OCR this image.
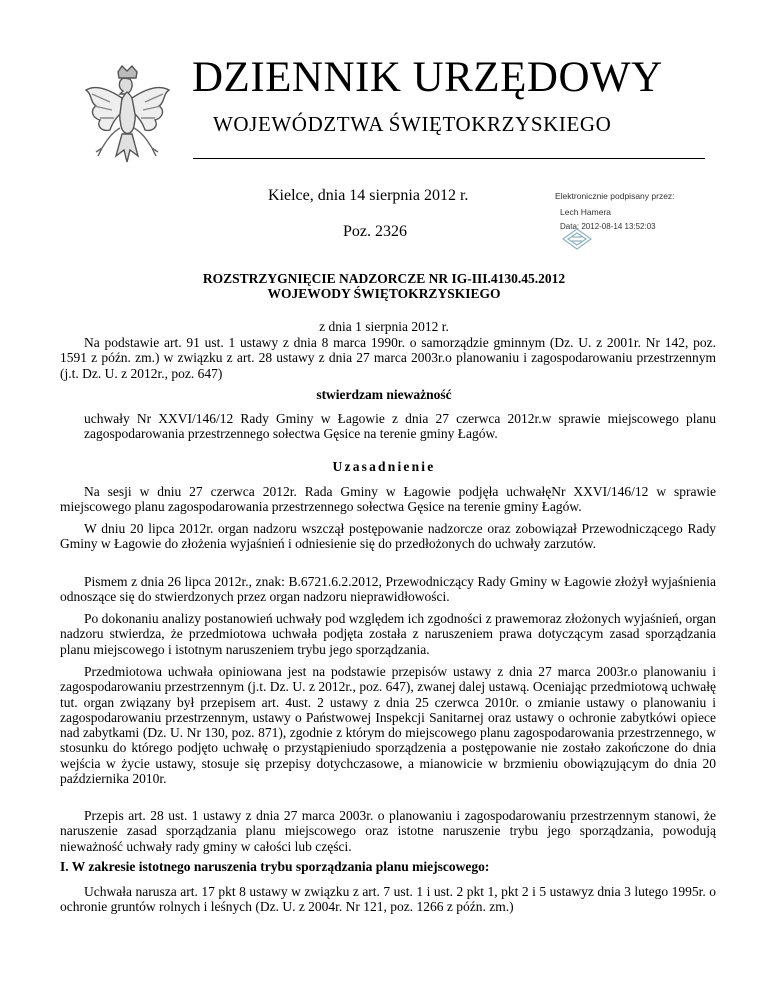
DZIENNIK URZĘDOWY
WOJEWÓDZTWA ŚWIĘTOKRZYSKIEGO
Kielce, dnia 14 sierpnia 2012 r.
Poz. 2326
Elektronicznie podpisany przez:
Lech Hamera
Data: 2012-08-14 13:52:03
ROZSTRZYGNIĘCIE NADZORCZE NR IG-III.4130.45.2012
WOJEWODY ŚWIĘTOKRZYSKIEGO
z dnia 1 sierpnia 2012 r.

Na podstawie art. 91 ust. 1 ustawy z dnia 8 marca 1990r. o samorządzie gminnym (Dz. U. z 2001r. Nr 142, poz. 1591 z późn. zm.) w związku z art. 28 ustawy z dnia 27 marca 2003r.o planowaniu i zagospodarowaniu przestrzennym (j.t. Dz. U. z 2012r., poz. 647)

stwierdzam nieważność

uchwały Nr XXVI/146/12 Rady Gminy w Łagowie z dnia 27 czerwca 2012r.w sprawie miejscowego planu zagospodarowania przestrzennego sołectwa Gęsice na terenie gminy Łagów.

Uzasadnienie

Na sesji w dniu 27 czerwca 2012r. Rada Gminy w Łagowie podjęła uchwałęNr XXVI/146/12 w sprawie miejscowego planu zagospodarowania przestrzennego sołectwa Gęsice na terenie gminy Łagów.

W dniu 20 lipca 2012r. organ nadzoru wszczął postępowanie nadzorcze oraz zobowiązał Przewodniczącego Rady Gminy w Łagowie do złożenia wyjaśnień i odniesienie się do przedłożonych do uchwały zarzutów.

Pismem z dnia 26 lipca 2012r., znak: B.6721.6.2.2012, Przewodniczący Rady Gminy w Łagowie złożył wyjaśnienia odnoszące się do stwierdzonych przez organ nadzoru nieprawidłowości.

Po dokonaniu analizy postanowień uchwały pod względem ich zgodności z prawemoraz złożonych wyjaśnień, organ nadzoru stwierdza, że przedmiotowa uchwała podjęta została z naruszeniem prawa dotyczącym zasad sporządzania planu miejscowego i istotnym naruszeniem trybu jego sporządzania.

Przedmiotowa uchwała opiniowana jest na podstawie przepisów ustawy z dnia 27 marca 2003r.o planowaniu i zagospodarowaniu przestrzennym (j.t. Dz. U. z 2012r., poz. 647), zwanej dalej ustawą. Oceniając przedmiotową uchwałę tut. organ związany był przepisem art. 4ust. 2 ustawy z dnia 25 czerwca 2010r. o zmianie ustawy o planowaniu i zagospodarowaniu przestrzennym, ustawy o Państwowej Inspekcji Sanitarnej oraz ustawy o ochronie zabytkówi opiece nad zabytkami (Dz. U. Nr 130, poz. 871), zgodnie z którym do miejscowego planu zagospodarowania przestrzennego, w stosunku do którego podjęto uchwałę o przystąpieniudo sporządzenia a postępowanie nie zostało zakończone do dnia wejścia w życie ustawy, stosuje się przepisy dotychczasowe, a mianowicie w brzmieniu obowiązującym do dnia 20 października 2010r.

Przepis art. 28 ust. 1 ustawy z dnia 27 marca 2003r. o planowaniu i zagospodarowaniu przestrzennym stanowi, że naruszenie zasad sporządzania planu miejscowego oraz istotne naruszenie trybu jego sporządzania, powodują nieważność uchwały rady gminy w całości lub części.

I. W zakresie istotnego naruszenia trybu sporządzania planu miejscowego:

Uchwała narusza art. 17 pkt 8 ustawy w związku z art. 7 ust. 1 i ust. 2 pkt 1, pkt 2 i 5 ustawyz dnia 3 lutego 1995r. o ochronie gruntów rolnych i leśnych (Dz. U. z 2004r. Nr 121, poz. 1266 z późn. zm.)
